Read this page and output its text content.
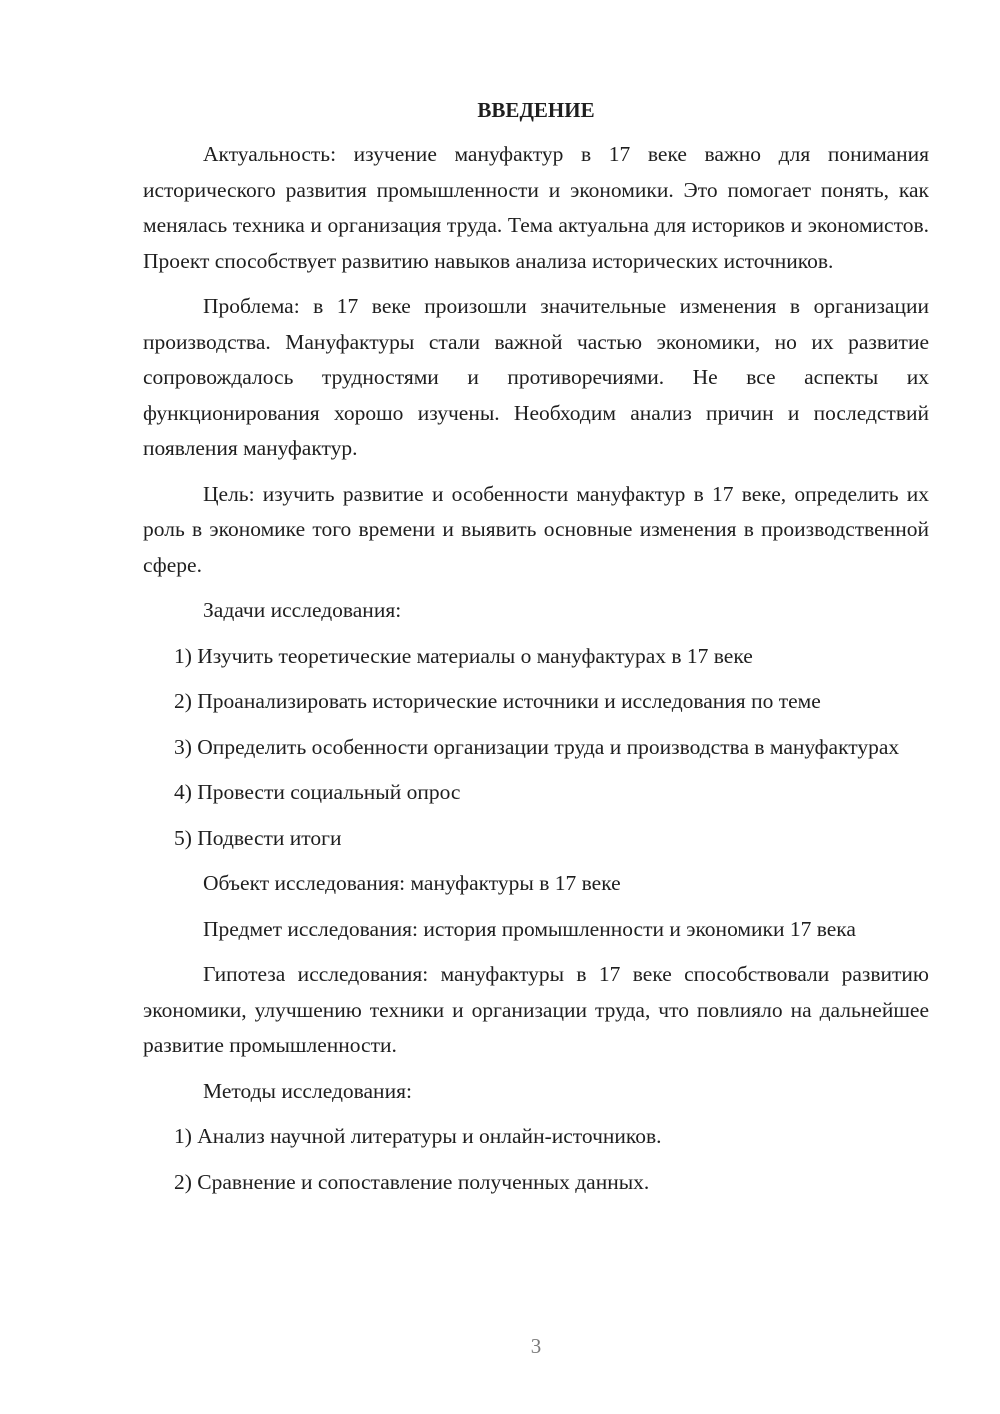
ВВЕДЕНИЕ

Актуальность: изучение мануфактур в 17 веке важно для понимания исторического развития промышленности и экономики. Это помогает понять, как менялась техника и организация труда. Тема актуальна для историков и экономистов. Проект способствует развитию навыков анализа исторических источников.

Проблема: в 17 веке произошли значительные изменения в организации производства. Мануфактуры стали важной частью экономики, но их развитие сопровождалось трудностями и противоречиями. Не все аспекты их функционирования хорошо изучены. Необходим анализ причин и последствий появления мануфактур.

Цель: изучить развитие и особенности мануфактур в 17 веке, определить их роль в экономике того времени и выявить основные изменения в производственной сфере.

Задачи исследования:

1) Изучить теоретические материалы о мануфактурах в 17 веке

2) Проанализировать исторические источники и исследования по теме

3) Определить особенности организации труда и производства в мануфактурах

4) Провести социальный опрос

5) Подвести итоги

Объект исследования: мануфактуры в 17 веке

Предмет исследования: история промышленности и экономики 17 века

Гипотеза исследования: мануфактуры в 17 веке способствовали развитию экономики, улучшению техники и организации труда, что повлияло на дальнейшее развитие промышленности.

Методы исследования:

1) Анализ научной литературы и онлайн-источников.

2) Сравнение и сопоставление полученных данных.

3
